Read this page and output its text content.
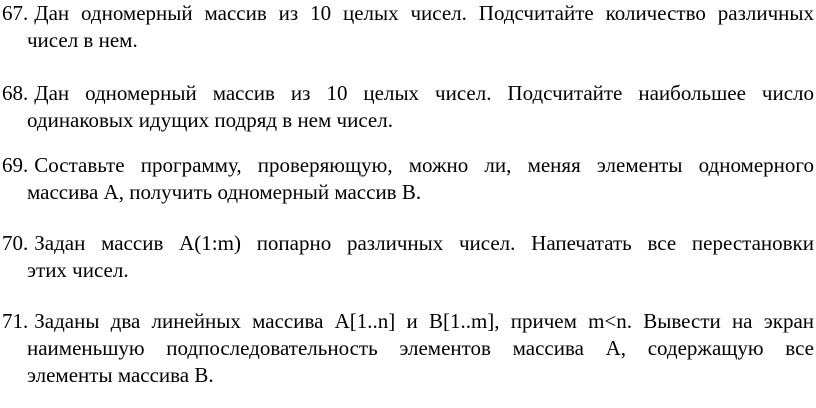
67. Дан одномерный массив из 10 целых чисел. Подсчитайте количество различных
чисел в нем.
68. Дан одномерный массив из 10 целых чисел. Подсчитайте наибольшее число
одинаковых идущих подряд в нем чисел.
69. Составьте программу, проверяющую, можно ли, меняя элементы одномерного
массива А, получить одномерный массив В.
70. Задан массив A(1:m) попарно различных чисел. Напечатать все перестановки
этих чисел.
71. Заданы два линейных массива A[1..n] и B[1..m], причем m<n. Вывести на экран
наименьшую подпоследовательность элементов массива А, содержащую все
элементы массива В.
